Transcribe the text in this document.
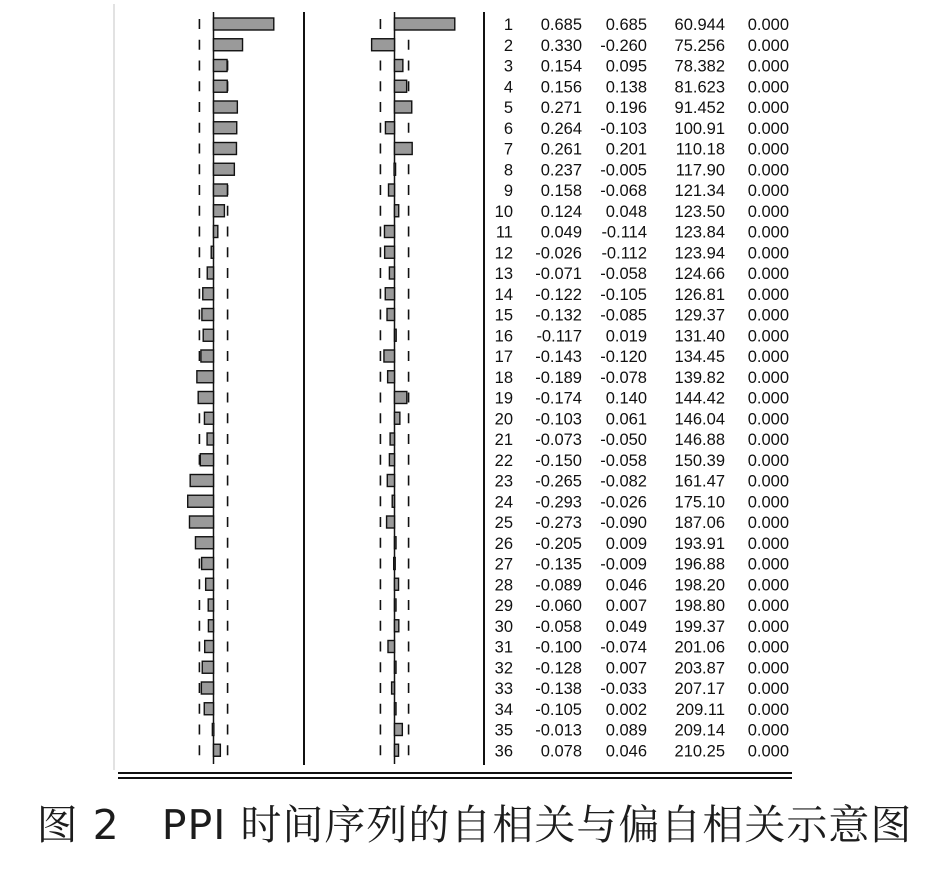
1 0.685 0.685 60.944 0.000
2 0.330 -0.260 75.256 0.000
3 0.154 0.095 78.382 0.000
4 0.156 0.138 81.623 0.000
5 0.271 0.196 91.452 0.000
6 0.264 -0.103 100.91 0.000
7 0.261 0.201 110.18 0.000
8 0.237 -0.005 117.90 0.000
9 0.158 -0.068 121.34 0.000
10 0.124 0.048 123.50 0.000
11 0.049 -0.114 123.84 0.000
12 -0.026 -0.112 123.94 0.000
13 -0.071 -0.058 124.66 0.000
14 -0.122 -0.105 126.81 0.000
15 -0.132 -0.085 129.37 0.000
16 -0.117 0.019 131.40 0.000
17 -0.143 -0.120 134.45 0.000
18 -0.189 -0.078 139.82 0.000
19 -0.174 0.140 144.42 0.000
20 -0.103 0.061 146.04 0.000
21 -0.073 -0.050 146.88 0.000
22 -0.150 -0.058 150.39 0.000
23 -0.265 -0.082 161.47 0.000
24 -0.293 -0.026 175.10 0.000
25 -0.273 -0.090 187.06 0.000
26 -0.205 0.009 193.91 0.000
27 -0.135 -0.009 196.88 0.000
28 -0.089 0.046 198.20 0.000
29 -0.060 0.007 198.80 0.000
30 -0.058 0.049 199.37 0.000
31 -0.100 -0.074 201.06 0.000
32 -0.128 0.007 203.87 0.000
33 -0.138 -0.033 207.17 0.000
34 -0.105 0.002 209.11 0.000
35 -0.013 0.089 209.14 0.000
36 0.078 0.046 210.25 0.000
图 2　PPI 时间序列的自相关与偏自相关示意图
